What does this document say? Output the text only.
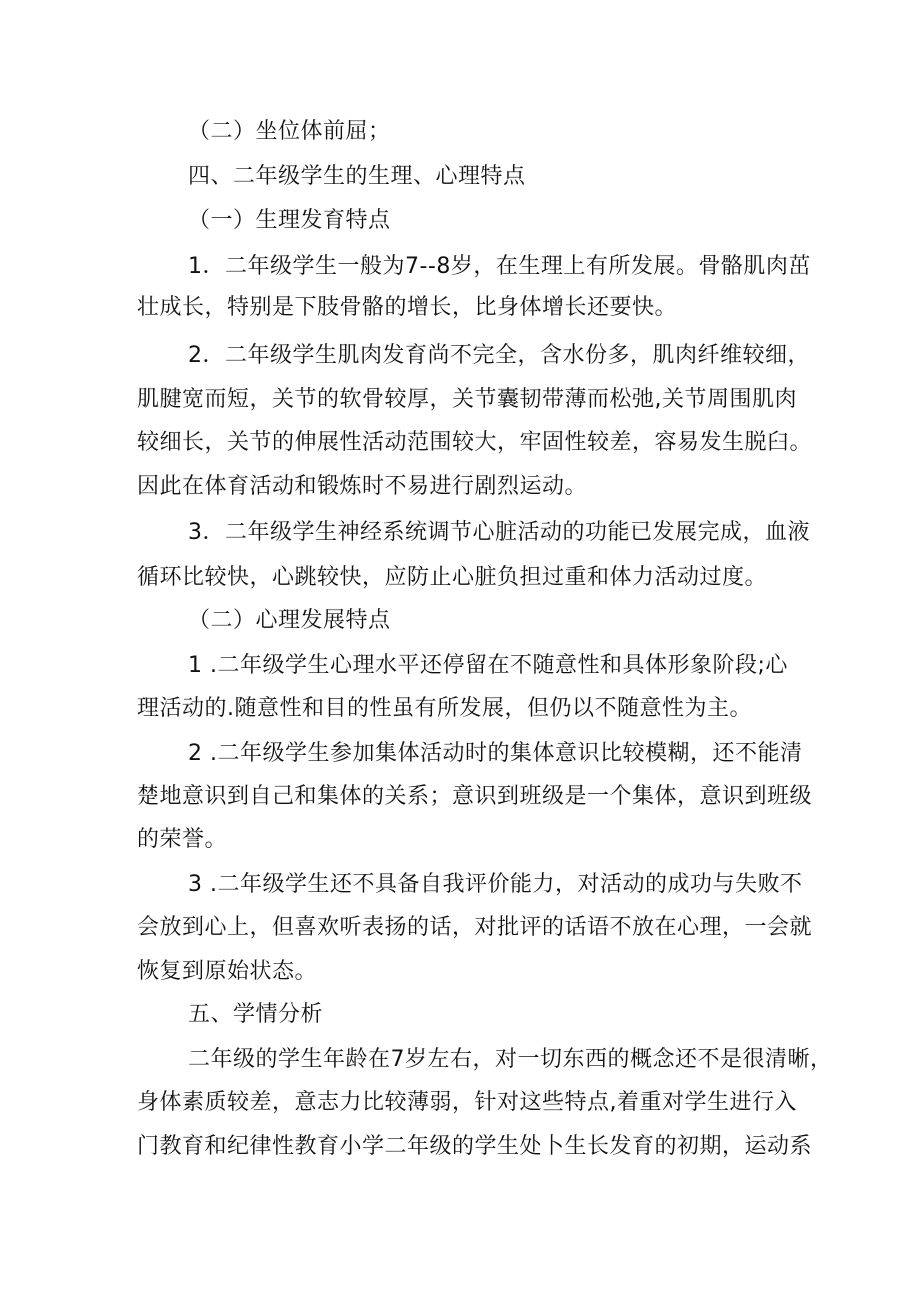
（二）坐位体前屈；
四、二年级学生的生理、心理特点
（一）生理发育特点
1．二年级学生一般为7--8岁，在生理上有所发展。骨骼肌肉茁
壮成长，特别是下肢骨骼的增长，比身体增长还要快。
2．二年级学生肌肉发育尚不完全，含水份多，肌肉纤维较细，
肌腱宽而短，关节的软骨较厚，关节囊韧带薄而松弛,关节周围肌肉
较细长，关节的伸展性活动范围较大，牢固性较差，容易发生脱臼。
因此在体育活动和锻炼时不易进行剧烈运动。
3．二年级学生神经系统调节心脏活动的功能已发展完成，血液
循环比较快，心跳较快，应防止心脏负担过重和体力活动过度。
（二）心理发展特点
1 .二年级学生心理水平还停留在不随意性和具体形象阶段;心
理活动的.随意性和目的性虽有所发展，但仍以不随意性为主。
2 .二年级学生参加集体活动时的集体意识比较模糊，还不能清
楚地意识到自己和集体的关系；意识到班级是一个集体，意识到班级
的荣誉。
3 .二年级学生还不具备自我评价能力，对活动的成功与失败不
会放到心上，但喜欢听表扬的话，对批评的话语不放在心理，一会就
恢复到原始状态。
五、学情分析
二年级的学生年龄在7岁左右，对一切东西的概念还不是很清晰，
身体素质较差，意志力比较薄弱，针对这些特点,着重对学生进行入
门教育和纪律性教育小学二年级的学生处卜生长发育的初期，运动系
